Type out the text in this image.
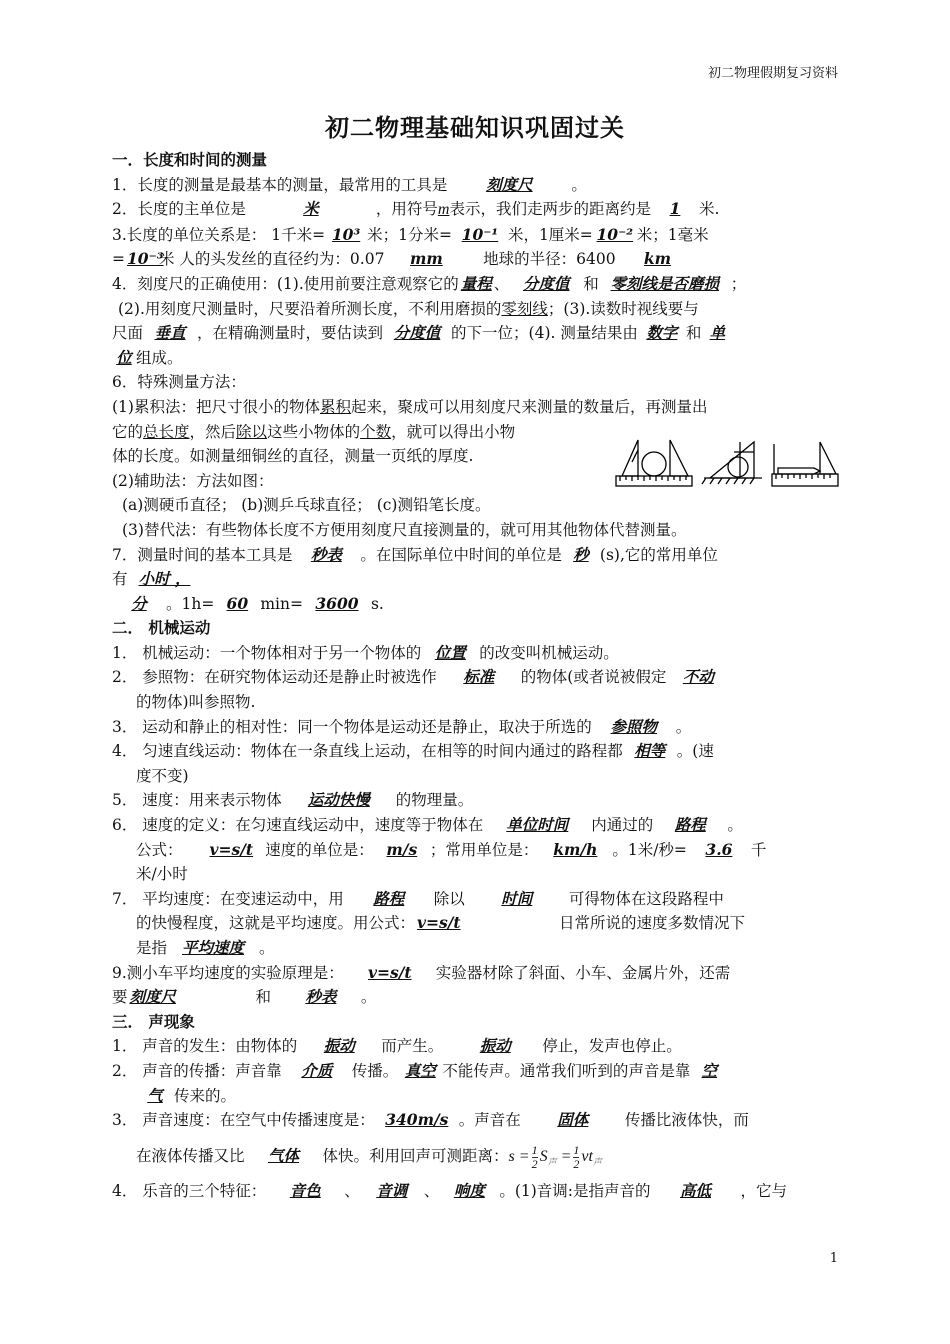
初二物理假期复习资料
初二物理基础知识巩固过关
一．长度和时间的测量
1．长度的测量是最基本的测量，最常用的工具是 刻度尺	。
2．长度的主单位是	米	，用符号m表示，我们走两步的距离约是 1 米.
3.长度的单位关系是： 1千米= 10³ 米；1分米= 10⁻¹ 米，1厘米= 10⁻² 米；1毫米
= 10⁻³米 人的头发丝的直径约为：0.07 mm	地球的半径：6400 km
4．刻度尺的正确使用：(1).使用前要注意观察它的 量程 、 分度值 和 零刻线是否磨损 ；
(2).用刻度尺测量时，尺要沿着所测长度，不利用磨损的零刻线；(3).读数时视线要与
尺面 垂直 ，在精确测量时，要估读到 分度值 的下一位；(4). 测量结果由 数字 和 单
位 组成。
6．特殊测量方法：
(1)累积法：把尺寸很小的物体累积起来，聚成可以用刻度尺来测量的数量后，再测量出
它的总长度，然后除以这些小物体的个数，就可以得出小物
体的长度。如测量细铜丝的直径，测量一页纸的厚度.
(2)辅助法：方法如图：
(a)测硬币直径； (b)测乒乓球直径； (c)测铅笔长度。
(3)替代法：有些物体长度不方便用刻度尺直接测量的，就可用其他物体代替测量。
7．测量时间的基本工具是 秒表 。在国际单位中时间的单位是 秒 (s),它的常用单位
有 小时 ，
分 。1h= 60 min= 3600 s.
二． 机械运动
1． 机械运动：一个物体相对于另一个物体的 位置 的改变叫机械运动。
2． 参照物：在研究物体运动还是静止时被选作 标准 的物体(或者说被假定 不动
的物体)叫参照物.
3． 运动和静止的相对性：同一个物体是运动还是静止，取决于所选的 参照物 。
4． 匀速直线运动：物体在一条直线上运动，在相等的时间内通过的路程都 相等 。(速
度不变)
5． 速度：用来表示物体 运动快慢 的物理量。
6． 速度的定义：在匀速直线运动中，速度等于物体在 单位时间 内通过的 路程 。
公式： v=s/t 速度的单位是： m/s ；常用单位是： km/h 。1米/秒= 3.6 千
米/小时
7． 平均速度：在变速运动中，用 路程 除以 时间 可得物体在这段路程中
的快慢程度，这就是平均速度。用公式： v=s/t	日常所说的速度多数情况下
是指 平均速度 。
9.测小车平均速度的实验原理是： v=s/t 实验器材除了斜面、小车、金属片外，还需
要 刻度尺	和 秒表 。
三． 声现象
1． 声音的发生：由物体的 振动 而产生。 振动 停止，发声也停止。
2． 声音的传播：声音靠 介质 传播。 真空 不能传声。通常我们听到的声音是靠 空
气 传来的。
3． 声音速度：在空气中传播速度是： 340m/s 。声音在 固体 传播比液体快，而
在液体传播又比 气体 体快。利用回声可测距离：$s = \frac{1}{2} S_声 = \frac{1}{2} vt_声$
4． 乐音的三个特征： 音色 、 音调 、 响度 。(1)音调:是指声音的 高低 ，它与
1
